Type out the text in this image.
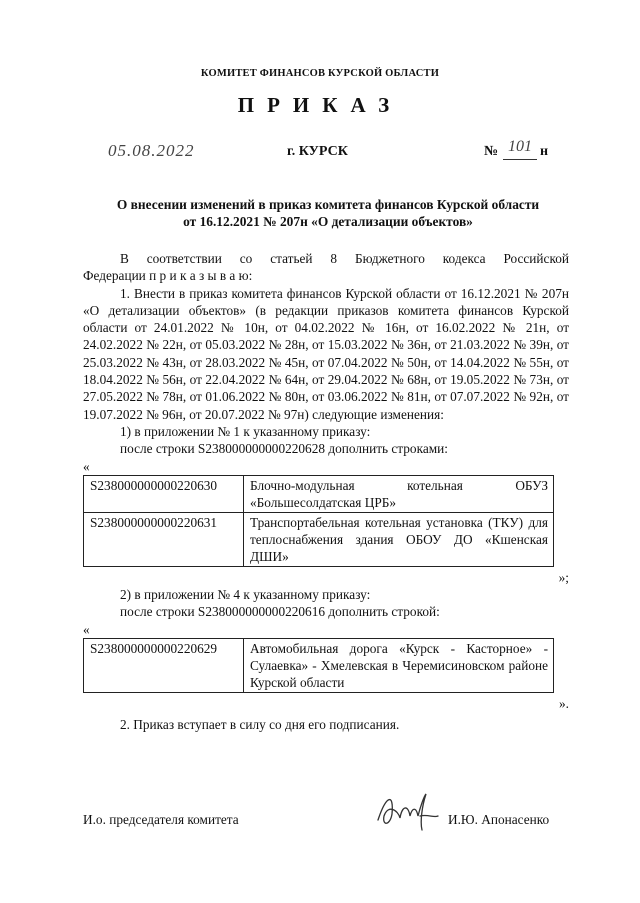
КОМИТЕТ ФИНАНСОВ КУРСКОЙ ОБЛАСТИ
ПРИКАЗ
05.08.2022	г. КУРСК	№ 101 н
О внесении изменений в приказ комитета финансов Курской области
от 16.12.2021 № 207н «О детализации объектов»
В соответствии со статьей 8 Бюджетного кодекса Российской
Федерации п р и к а з ы в а ю:
1. Внести в приказ комитета финансов Курской области от 16.12.2021 № 207н «О детализации объектов» (в редакции приказов комитета финансов Курской области от 24.01.2022 № 10н, от 04.02.2022 № 16н, от 16.02.2022 № 21н, от 24.02.2022 № 22н, от 05.03.2022 № 28н, от 15.03.2022 № 36н, от 21.03.2022 № 39н, от 25.03.2022 № 43н, от 28.03.2022 № 45н, от 07.04.2022 № 50н, от 14.04.2022 № 55н, от 18.04.2022 № 56н, от 22.04.2022 № 64н, от 29.04.2022 № 68н, от 19.05.2022 № 73н, от 27.05.2022 № 78н, от 01.06.2022 № 80н, от 03.06.2022 № 81н, от 07.07.2022 № 92н, от 19.07.2022 № 96н, от 20.07.2022 № 97н) следующие изменения:
1) в приложении № 1 к указанному приказу:
после строки S238000000000220628 дополнить строками:
«
S238000000000220630	Блочно-модульная котельная ОБУЗ «Большесолдатская ЦРБ»
S238000000000220631	Транспортабельная котельная установка (ТКУ) для теплоснабжения здания ОБОУ ДО «Кшенская ДШИ»
»;
2) в приложении № 4 к указанному приказу:
после строки S238000000000220616 дополнить строкой:
«
S238000000000220629	Автомобильная дорога «Курск - Касторное» - Сулаевка» - Хмелевская в Черемисиновском районе Курской области
».
2. Приказ вступает в силу со дня его подписания.
И.о. председателя комитета	И.Ю. Апонасенко
